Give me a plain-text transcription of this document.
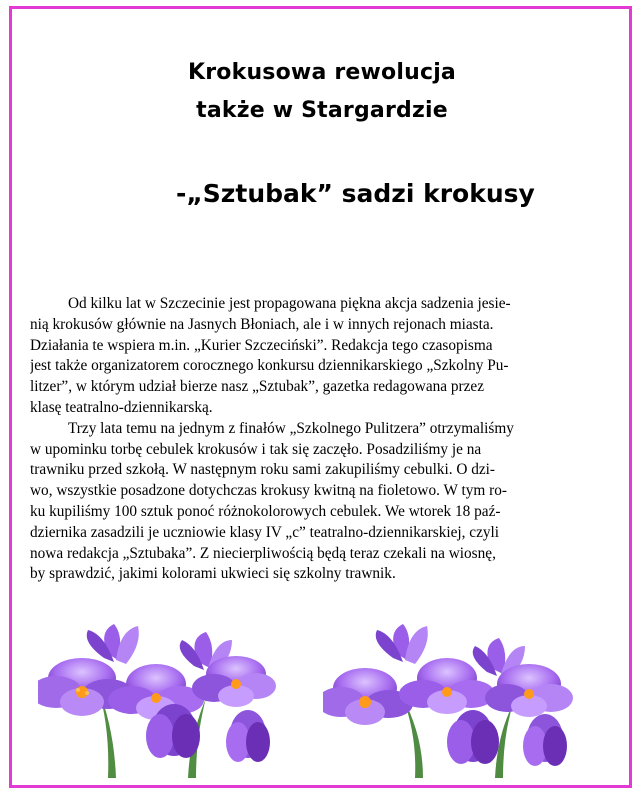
Krokusowa rewolucja
także w Stargardzie
-„Sztubak” sadzi krokusy
Od kilku lat w Szczecinie jest propagowana piękna akcja sadzenia jesie-
nią krokusów głównie na Jasnych Błoniach, ale i w innych rejonach miasta.
Działania te wspiera m.in. „Kurier Szczeciński”. Redakcja tego czasopisma
jest także organizatorem corocznego konkursu dziennikarskiego „Szkolny Pu-
litzer”, w którym udział bierze nasz „Sztubak”, gazetka redagowana przez
klasę teatralno-dziennikarską.
Trzy lata temu na jednym z finałów „Szkolnego Pulitzera” otrzymaliśmy
w upominku torbę cebulek krokusów i tak się zaczęło. Posadziliśmy je na
trawniku przed szkołą. W następnym roku sami zakupiliśmy cebulki. O dzi-
wo, wszystkie posadzone dotychczas krokusy kwitną na fioletowo. W tym ro-
ku kupiliśmy 100 sztuk ponoć różnokolorowych cebulek. We wtorek 18 paź-
dziernika zasadzili je uczniowie klasy IV „c” teatralno-dziennikarskiej, czyli
nowa redakcja „Sztubaka”. Z niecierpliwością będą teraz czekali na wiosnę,
by sprawdzić, jakimi kolorami ukwieci się szkolny trawnik.
